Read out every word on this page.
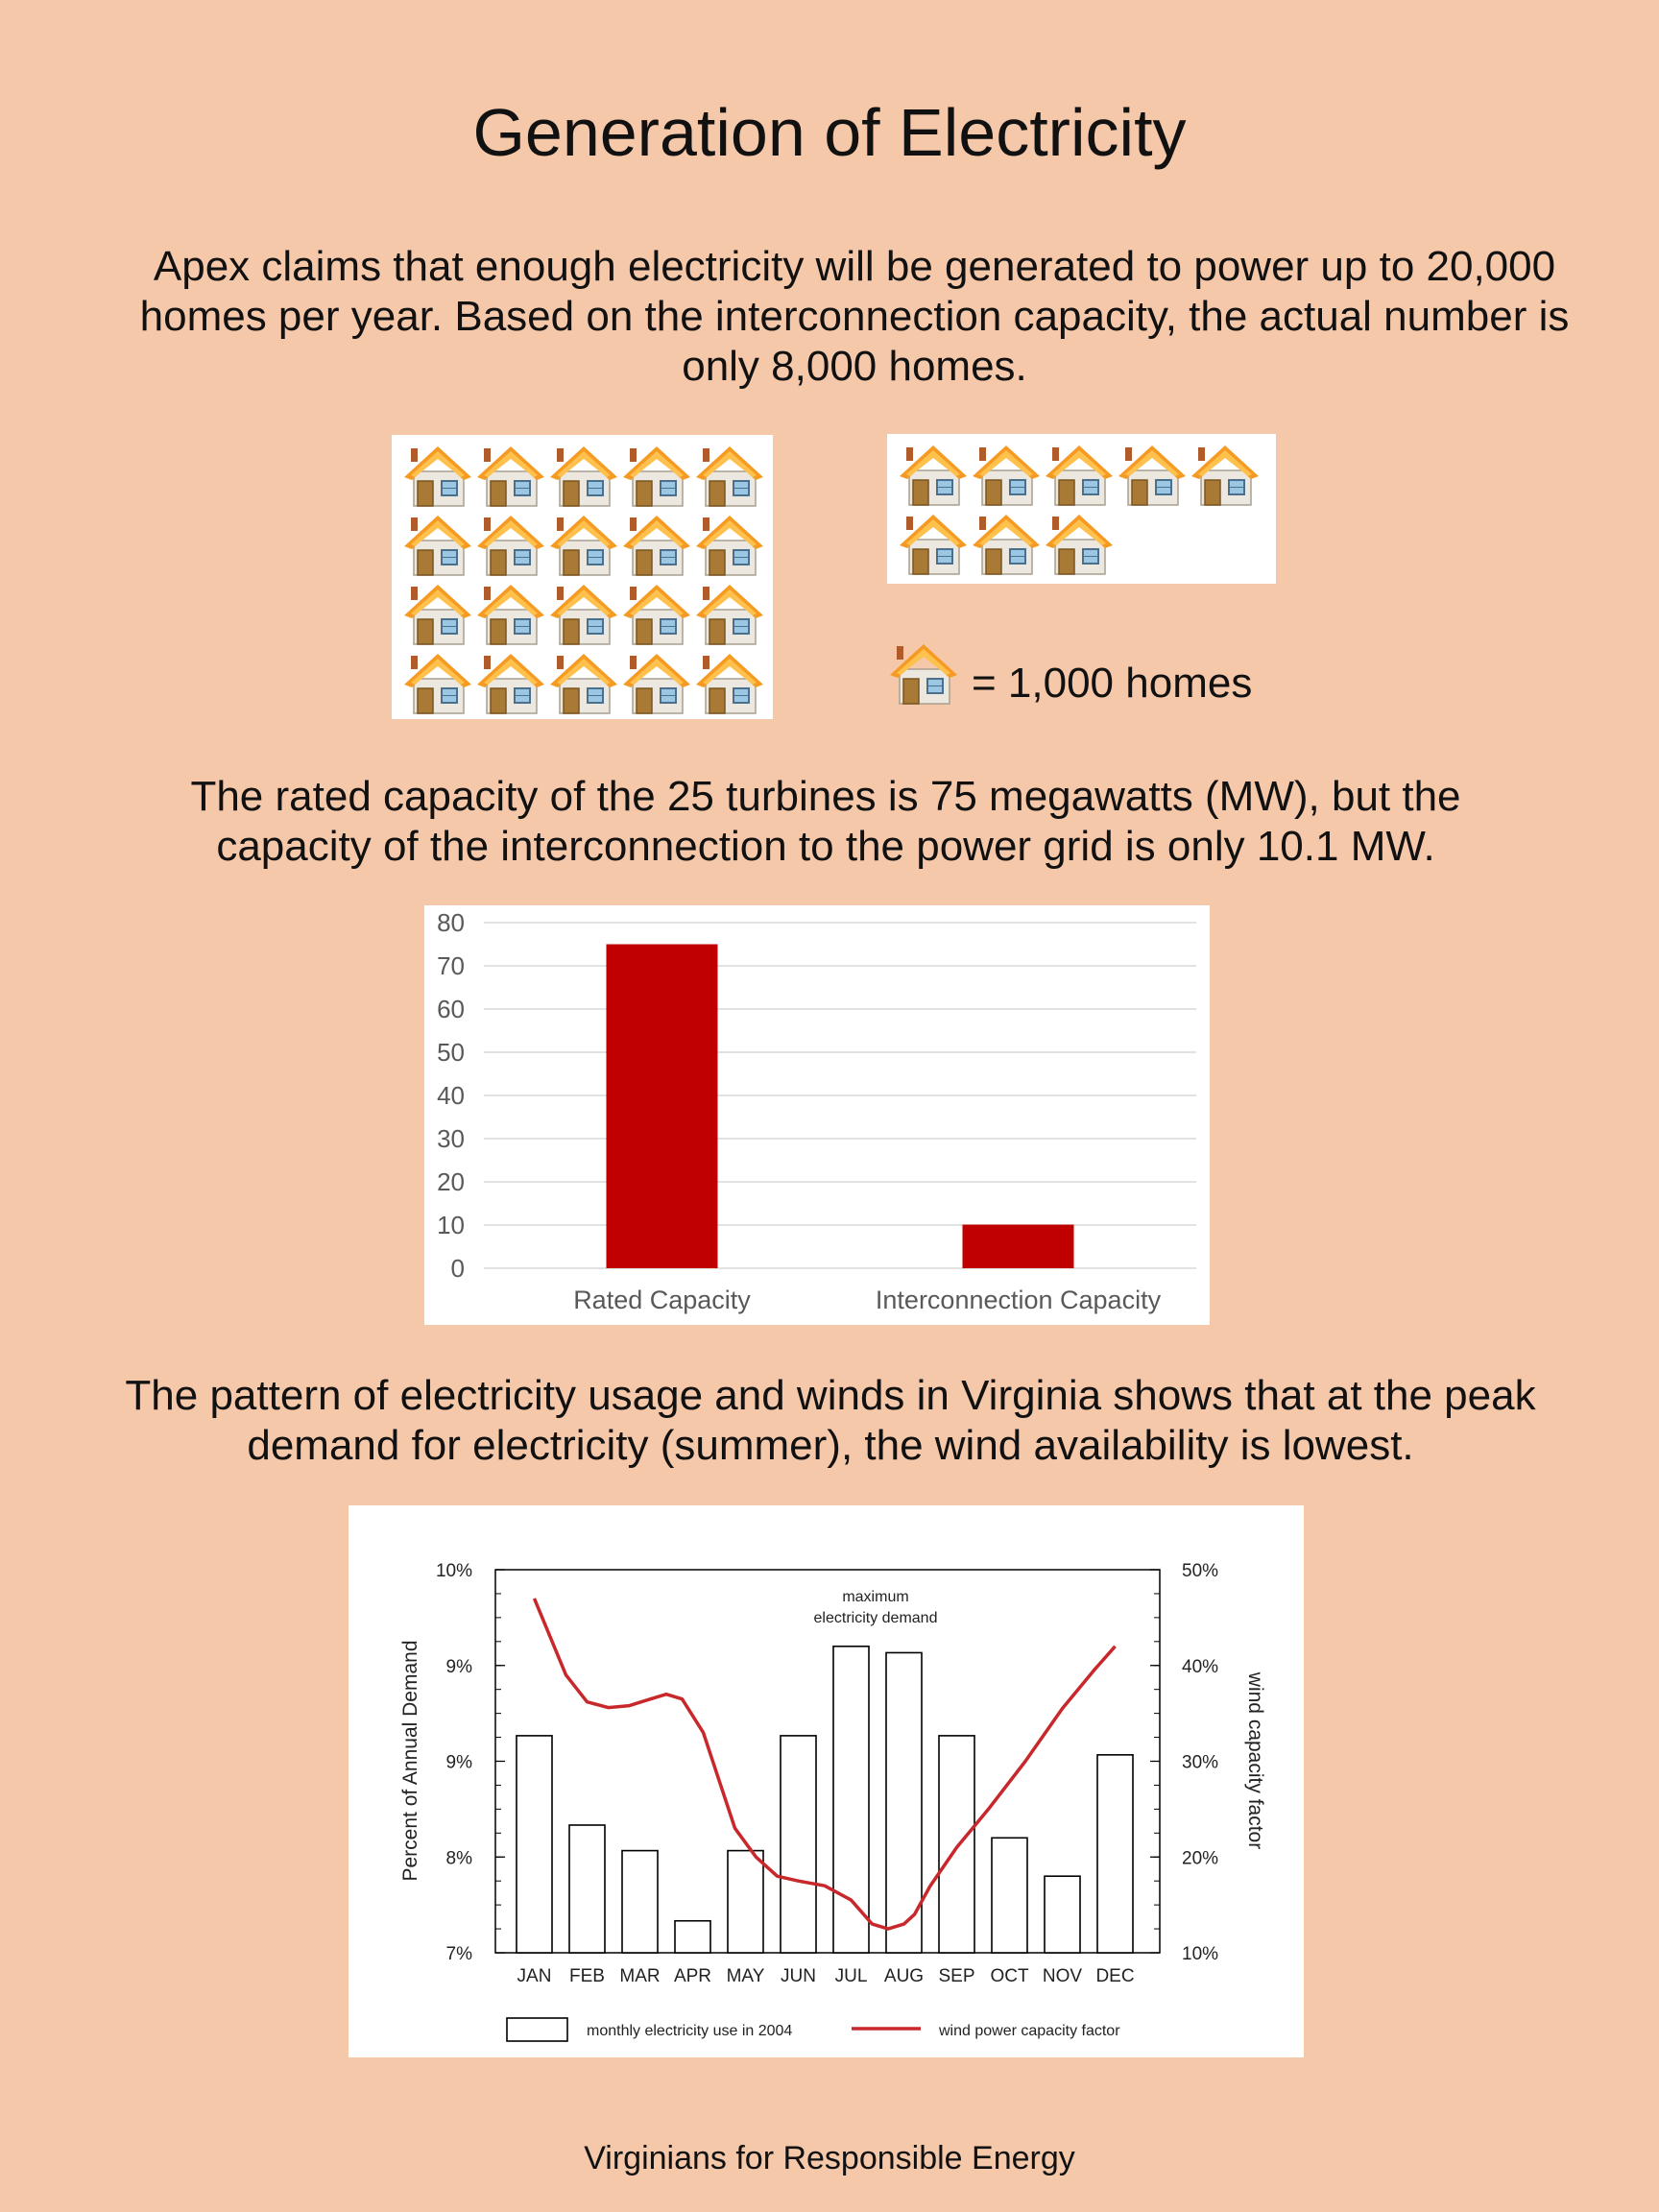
Generation of Electricity

Apex claims that enough electricity will be generated to power up to 20,000 homes per year. Based on the interconnection capacity, the actual number is only 8,000 homes.

= 1,000 homes

The rated capacity of the 25 turbines is 75 megawatts (MW), but the capacity of the interconnection to the power grid is only 10.1 MW.

0
10
20
30
40
50
60
70
80
Rated Capacity	Interconnection Capacity

The pattern of electricity usage and winds in Virginia shows that at the peak demand for electricity (summer), the wind availability is lowest.

10%
9%
9%
8%
7%
50%
40%
30%
20%
10%
Percent of Annual Demand	wind capacity factor
JAN FEB MAR APR MAY JUN JUL AUG SEP OCT NOV DEC
maximum
electricity demand
monthly electricity use in 2004	wind power capacity factor
Virginians for Responsible Energy
